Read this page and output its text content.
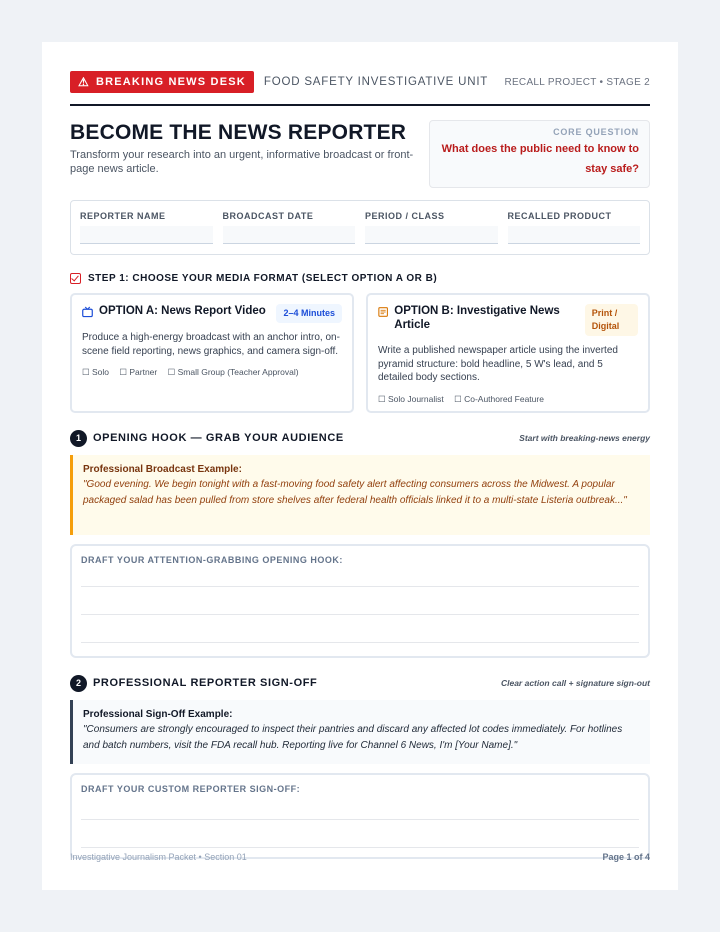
⚠ BREAKING NEWS DESK FOOD SAFETY INVESTIGATIVE UNIT RECALL PROJECT • STAGE 2
BECOME THE NEWS REPORTER

Transform your research into an urgent, informative broadcast or front-page news article.

CORE QUESTION
What does the public need to know to stay safe?
REPORTER NAME	BROADCAST DATE	PERIOD / CLASS	RECALLED PRODUCT
STEP 1: CHOOSE YOUR MEDIA FORMAT (SELECT OPTION A OR B)
OPTION A: News Report Video	2–4 Minutes
Produce a high-energy broadcast with an anchor intro, on-scene field reporting, news graphics, and camera sign-off.
☐ Solo ☐ Partner ☐ Small Group (Teacher Approval)
OPTION B: Investigative News Article
Print / Digital
Write a published newspaper article using the inverted pyramid structure: bold headline, 5 W's lead, and 5 detailed body sections.
☐ Solo Journalist ☐ Co-Authored Feature
1	OPENING HOOK — GRAB YOUR AUDIENCE	Start with breaking-news energy
Professional Broadcast Example:
"Good evening. We begin tonight with a fast-moving food safety alert affecting consumers across the Midwest. A popular packaged salad has been pulled from store shelves after federal health officials linked it to a multi-state Listeria outbreak..."
DRAFT YOUR ATTENTION-GRABBING OPENING HOOK:
2	PROFESSIONAL REPORTER SIGN-OFF	Clear action call + signature sign-out
Professional Sign-Off Example:
"Consumers are strongly encouraged to inspect their pantries and discard any affected lot codes immediately. For hotlines and batch numbers, visit the FDA recall hub. Reporting live for Channel 6 News, I'm [Your Name]."
DRAFT YOUR CUSTOM REPORTER SIGN-OFF:
Investigative Journalism Packet • Section 01	Page 1 of 4
